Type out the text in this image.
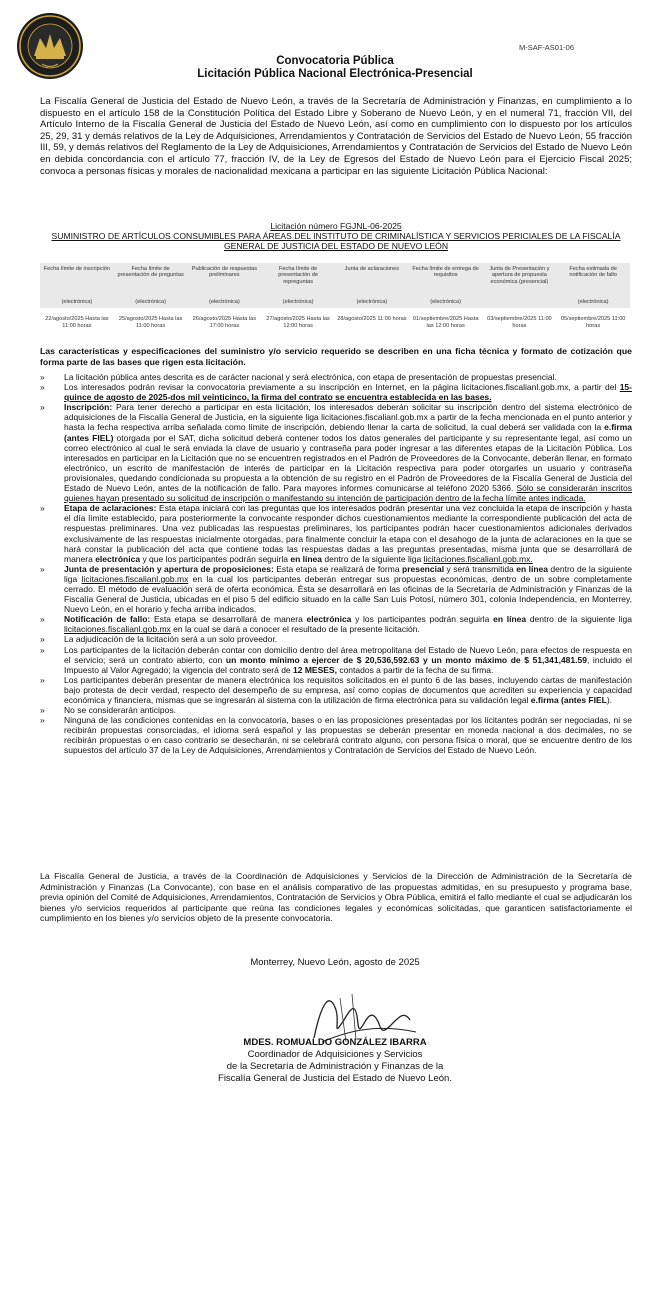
M-SAF-AS01-06
Convocatoria Pública
Licitación Pública Nacional Electrónica-Presencial

La Fiscalía General de Justicia del Estado de Nuevo León, a través de la Secretaría de Administración y Finanzas, en cumplimiento a lo dispuesto en el artículo 158 de la Constitución Política del Estado Libre y Soberano de Nuevo León, y en el numeral 71, fracción VII, del Artículo Interno de la Fiscalía General de Justicia del Estado de Nuevo León, así como en cumplimiento con lo dispuesto por los artículos 25, 29, 31 y demás relativos de la Ley de Adquisiciones, Arrendamientos y Contratación de Servicios del Estado de Nuevo León, 55 fracción III, 59, y demás relativos del Reglamento de la Ley de Adquisiciones, Arrendamientos y Contratación de Servicios del Estado de Nuevo León en debida concordancia con el artículo 77, fracción IV, de la Ley de Egresos del Estado de Nuevo León para el Ejercicio Fiscal 2025; convoca a personas físicas y morales de nacionalidad mexicana a participar en las siguiente Licitación Pública Nacional:

Licitación número FGJNL-06-2025
SUMINISTRO DE ARTÍCULOS CONSUMIBLES PARA ÁREAS DEL INSTITUTO DE CRIMINALÍSTICA Y SERVICIOS PERICIALES DE LA FISCALÍA GENERAL DE JUSTICIA DEL ESTADO DE NUEVO LEÓN
Fecha límite de inscripción	Fecha límite de presentación de preguntas	Publicación de respuestas preliminares	Fecha límite de presentación de repreguntas	Junta de aclaraciones	Fecha límite de entrega de requisitos	Junta de Presentación y apertura de propuesta económica (presencial)	Fecha estimada de notificación de fallo
(electrónica)	(electrónica)	(electrónica)	(electrónica)	(electrónica)	(electrónica)		(electrónica)
22/agosto/2025 Hasta las 11:00 horas	25/agosto/2025 Hasta las 11:00 horas	26/agosto/2025 Hasta las 17:00 horas	27/agosto/2025 Hasta las 12:00 horas	28/agosto/2025 11:00 horas	01/septiembre/2025 Hasta las 12:00 horas	03/septiembre/2025 11:00 horas	05/septiembre/2025 11:00 horas

Las características y especificaciones del suministro y/o servicio requerido se describen en una ficha técnica y formato de cotización que forma parte de las bases que rigen esta licitación.

» La licitación pública antes descrita es de carácter nacional y será electrónica, con etapa de presentación de propuestas presencial.
» Los interesados podrán revisar la convocatoria previamente a su inscripción en Internet, en la página licitaciones.fiscalianl.gob.mx, a partir del 15-quince de agosto de 2025-dos mil veinticinco, la firma del contrato se encuentra establecida en las bases.
» Inscripción: Para tener derecho a participar en esta licitación, los interesados deberán solicitar su inscripción dentro del sistema electrónico de adquisiciones de la Fiscalía General de Justicia, en la siguiente liga licitaciones.fiscalianl.gob.mx a partir de la fecha mencionada en el punto anterior y hasta la fecha respectiva arriba señalada como límite de inscripción, debiendo llenar la carta de solicitud, la cual deberá ser validada con la e.firma (antes FIEL) otorgada por el SAT, dicha solicitud deberá contener todos los datos generales del participante y su representante legal, así como un correo electrónico al cual le será enviada la clave de usuario y contraseña para poder ingresar a las diferentes etapas de la Licitación Pública. Los interesados en participar en la Licitación que no se encuentren registrados en el Padrón de Proveedores de la Convocante, deberán llenar, en formato electrónico, un escrito de manifestación de interés de participar en la Licitación respectiva para poder otorgarles un usuario y contraseña provisionales, quedando condicionada su propuesta a la obtención de su registro en el Padrón de Proveedores de la Fiscalía General de Justicia del Estado de Nuevo León, antes de la notificación de fallo. Para mayores informes comunicarse al teléfono 2020 5366. Sólo se considerarán inscritos quienes hayan presentado su solicitud de inscripción o manifestando su intención de participación dentro de la fecha límite antes indicada.
» Etapa de aclaraciones: Esta etapa iniciará con las preguntas que los interesados podrán presentar una vez concluida la etapa de inscripción y hasta el día límite establecido, para posteriormente la convocante responder dichos cuestionamientos mediante la correspondiente publicación del acta de respuestas preliminares. Una vez publicadas las respuestas preliminares, los participantes podrán hacer cuestionamientos adicionales derivados exclusivamente de las respuestas inicialmente otorgadas, para finalmente concluir la etapa con el desahogo de la junta de aclaraciones en la que se hará constar la publicación del acta que contiene todas las respuestas dadas a las preguntas presentadas, misma junta que se desarrollará de manera electrónica y que los participantes podrán seguirla en línea dentro de la siguiente liga licitaciones.fiscalianl.gob.mx.
» Junta de presentación y apertura de proposiciones: Esta etapa se realizará de forma presencial y será transmitida en línea dentro de la siguiente liga licitaciones.fiscalianl.gob.mx en la cual los participantes deberán entregar sus propuestas económicas, dentro de un sobre completamente cerrado. El método de evaluación será de oferta económica. Ésta se desarrollará en las oficinas de la Secretaría de Administración y Finanzas de la Fiscalía General de Justicia, ubicadas en el piso 5 del edificio situado en la calle San Luis Potosí, número 301, colonia Independencia, en Monterrey, Nuevo León, en el horario y fecha arriba indicados.
» Notificación de fallo: Esta etapa se desarrollará de manera electrónica y los participantes podrán seguirla en línea dentro de la siguiente liga licitaciones.fiscalianl.gob.mx en la cual se dará a conocer el resultado de la presente licitación.
» La adjudicación de la licitación será a un solo proveedor.
» Los participantes de la licitación deberán contar con domicilio dentro del área metropolitana del Estado de Nuevo León, para efectos de respuesta en el servicio; será un contrato abierto, con un monto mínimo a ejercer de $ 20,536,592.63 y un monto máximo de $ 51,341,481.59, incluido el Impuesto al Valor Agregado; la vigencia del contrato será de 12 MESES, contados a partir de la fecha de su firma.
» Los participantes deberán presentar de manera electrónica los requisitos solicitados en el punto 6 de las bases, incluyendo cartas de manifestación bajo protesta de decir verdad, respecto del desempeño de su empresa, así como copias de documentos que acrediten su experiencia y capacidad económica y financiera, mismas que se ingresarán al sistema con la utilización de firma electrónica para su validación legal e.firma (antes FIEL).
» No se considerarán anticipos.
» Ninguna de las condiciones contenidas en la convocatoria, bases o en las proposiciones presentadas por los licitantes podrán ser negociadas, ni se recibirán propuestas consorciadas, el idioma será español y las propuestas se deberán presentar en moneda nacional a dos decimales, no se recibirán propuestas o en caso contrario se desecharán, ni se celebrará contrato alguno, con persona física o moral, que se encuentre dentro de los supuestos del artículo 37 de la Ley de Adquisiciones, Arrendamientos y Contratación de Servicios del Estado de Nuevo León.

La Fiscalía General de Justicia, a través de la Coordinación de Adquisiciones y Servicios de la Dirección de Administración de la Secretaría de Administración y Finanzas (La Convocante), con base en el análisis comparativo de las propuestas admitidas, en su presupuesto y programa base, previa opinión del Comité de Adquisiciones, Arrendamientos, Contratación de Servicios y Obra Pública, emitirá el fallo mediante el cual se adjudicarán los bienes y/o servicios requeridos al participante que reúna las condiciones legales y económicas solicitadas, que garanticen satisfactoriamente el cumplimiento en los bienes y/o servicios objeto de la presente convocatoria.

Monterrey, Nuevo León, agosto de 2025
MDES. ROMUALDO GONZÁLEZ IBARRA
Coordinador de Adquisiciones y Servicios
de la Secretaría de Administración y Finanzas de la
Fiscalía General de Justicia del Estado de Nuevo León.
